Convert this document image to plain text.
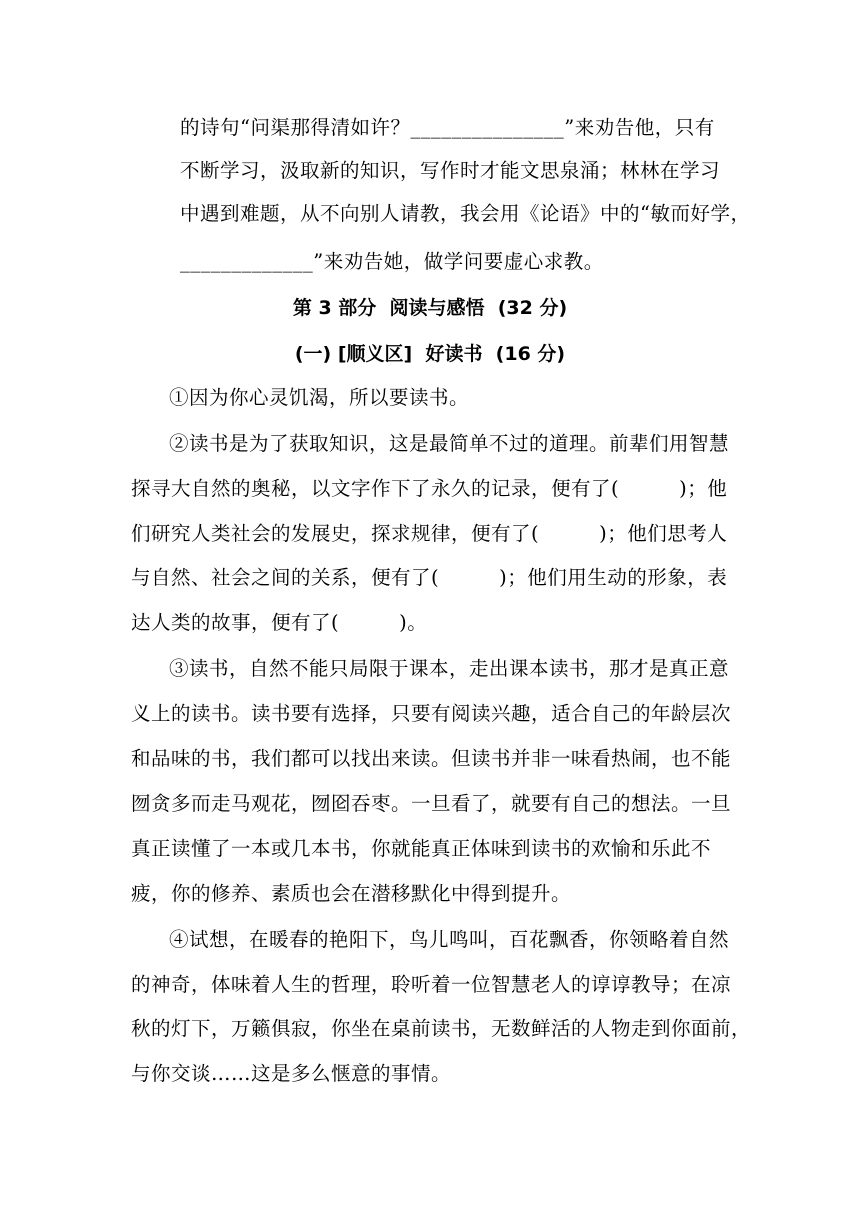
的诗句“问渠那得清如许？_______________”来劝告他，只有
不断学习，汲取新的知识，写作时才能文思泉涌；林林在学习
中遇到难题，从不向别人请教，我会用《论语》中的“敏而好学，
_____________”来劝告她，做学问要虚心求教。
第 3 部分  阅读与感悟  (32 分)
(一) [顺义区]  好读书  (16 分)
①因为你心灵饥渴，所以要读书。
②读书是为了获取知识，这是最简单不过的道理。前辈们用智慧
探寻大自然的奥秘，以文字作下了永久的记录，便有了(　　　)；他
们研究人类社会的发展史，探求规律，便有了(　　　)；他们思考人
与自然、社会之间的关系，便有了(　　　)；他们用生动的形象，表
达人类的故事，便有了(　　　)。
③读书，自然不能只局限于课本，走出课本读书，那才是真正意
义上的读书。读书要有选择，只要有阅读兴趣，适合自己的年龄层次
和品味的书，我们都可以找出来读。但读书并非一味看热闹，也不能
囫贪多而走马观花，囫囵吞枣。一旦看了，就要有自己的想法。一旦
真正读懂了一本或几本书，你就能真正体味到读书的欢愉和乐此不
疲，你的修养、素质也会在潜移默化中得到提升。
④试想，在暖春的艳阳下，鸟儿鸣叫，百花飘香，你领略着自然
的神奇，体味着人生的哲理，聆听着一位智慧老人的谆谆教导；在凉
秋的灯下，万籁俱寂，你坐在桌前读书，无数鲜活的人物走到你面前，
与你交谈……这是多么惬意的事情。
